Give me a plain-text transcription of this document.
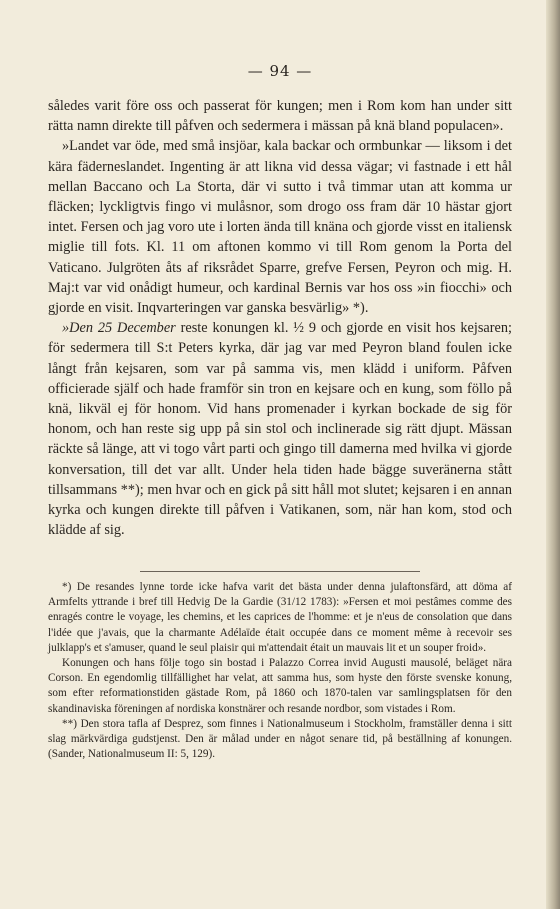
— 94 —

således varit före oss och passerat för kungen; men i Rom kom han under sitt rätta namn direkte till påfven och sedermera i mässan på knä bland populacen».

»Landet var öde, med små insjöar, kala backar och ormbunkar — liksom i det kära fäderneslandet. Ingenting är att likna vid dessa vägar; vi fastnade i ett hål mellan Baccano och La Storta, där vi sutto i två timmar utan att komma ur fläcken; lyckligtvis fingo vi mulåsnor, som drogo oss fram där 10 hästar gjort intet. Fersen och jag voro ute i lorten ända till knäna och gjorde visst en italiensk miglie till fots. Kl. 11 om aftonen kommo vi till Rom genom la Porta del Vaticano. Julgröten åts af riksrådet Sparre, grefve Fersen, Peyron och mig. H. Maj:t var vid onådigt humeur, och kardinal Bernis var hos oss »in fiocchi» och gjorde en visit. Inqvarteringen var ganska besvärlig» *).

»Den 25 December reste konungen kl. ½ 9 och gjorde en visit hos kejsaren; för sedermera till S:t Peters kyrka, där jag var med Peyron bland foulen icke långt från kejsaren, som var på samma vis, men klädd i uniform. Påfven officierade själf och hade framför sin tron en kejsare och en kung, som föllo på knä, likväl ej för honom. Vid hans promenader i kyrkan bockade de sig för honom, och han reste sig upp på sin stol och inclinerade sig rätt djupt. Mässan räckte så länge, att vi togo vårt parti och gingo till damerna med hvilka vi gjorde konversation, till det var allt. Under hela tiden hade bägge suveränerna stått tillsammans **); men hvar och en gick på sitt håll mot slutet; kejsaren i en annan kyrka och kungen direkte till påfven i Vatikanen, som, när han kom, stod och klädde af sig.

*) De resandes lynne torde icke hafva varit det bästa under denna julaftonsfärd, att döma af Armfelts yttrande i bref till Hedvig De la Gardie (31/12 1783): »Fersen et moi pestâmes comme des enragés contre le voyage, les chemins, et les caprices de l'homme: et je n'eus de consolation que dans l'idée que j'avais, que la charmante Adélaïde était occupée dans ce moment même à recevoir ses julklapp's et s'amuser, quand le seul plaisir qui m'attendait était un mauvais lit et un souper froid».

Konungen och hans följe togo sin bostad i Palazzo Correa invid Augusti mausolé, beläget nära Corson. En egendomlig tillfällighet har velat, att samma hus, som hyste den förste svenske konung, som efter reformationstiden gästade Rom, på 1860 och 1870-talen var samlingsplatsen för den skandinaviska föreningen af nordiska konstnärer och resande nordbor, som vistades i Rom.

**) Den stora tafla af Desprez, som finnes i Nationalmuseum i Stockholm, framställer denna i sitt slag märkvärdiga gudstjenst. Den är målad under en något senare tid, på beställning af konungen. (Sander, Nationalmuseum II: 5, 129).
